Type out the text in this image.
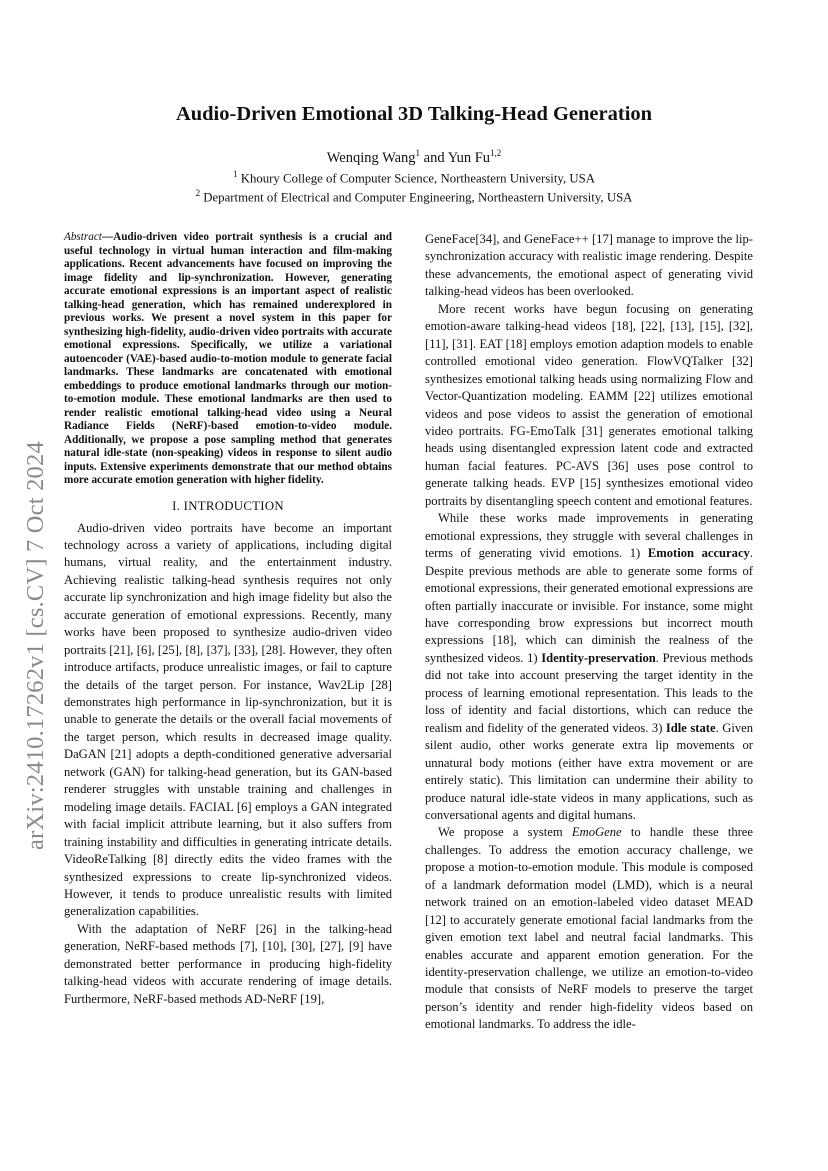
arXiv:2410.17262v1 [cs.CV] 7 Oct 2024
Audio-Driven Emotional 3D Talking-Head Generation
Wenqing Wang$^1$ and Yun Fu$^{1,2}$
$^1$ Khoury College of Computer Science, Northeastern University, USA
$^2$ Department of Electrical and Computer Engineering, Northeastern University, USA

Abstract—Audio-driven video portrait synthesis is a crucial and useful technology in virtual human interaction and film-making applications. Recent advancements have focused on improving the image fidelity and lip-synchronization. However, generating accurate emotional expressions is an important aspect of realistic talking-head generation, which has remained underexplored in previous works. We present a novel system in this paper for synthesizing high-fidelity, audio-driven video portraits with accurate emotional expressions. Specifically, we utilize a variational autoencoder (VAE)-based audio-to-motion module to generate facial landmarks. These landmarks are concatenated with emotional embeddings to produce emotional landmarks through our motion-to-emotion module. These emotional landmarks are then used to render realistic emotional talking-head video using a Neural Radiance Fields (NeRF)-based emotion-to-video module. Additionally, we propose a pose sampling method that generates natural idle-state (non-speaking) videos in response to silent audio inputs. Extensive experiments demonstrate that our method obtains more accurate emotion generation with higher fidelity.

I. INTRODUCTION

Audio-driven video portraits have become an important technology across a variety of applications, including digital humans, virtual reality, and the entertainment industry. Achieving realistic talking-head synthesis requires not only accurate lip synchronization and high image fidelity but also the accurate generation of emotional expressions. Recently, many works have been proposed to synthesize audio-driven video portraits [21], [6], [25], [8], [37], [33], [28]. However, they often introduce artifacts, produce unrealistic images, or fail to capture the details of the target person. For instance, Wav2Lip [28] demonstrates high performance in lip-synchronization, but it is unable to generate the details or the overall facial movements of the target person, which results in decreased image quality. DaGAN [21] adopts a depth-conditioned generative adversarial network (GAN) for talking-head generation, but its GAN-based renderer struggles with unstable training and challenges in modeling image details. FACIAL [6] employs a GAN integrated with facial implicit attribute learning, but it also suffers from training instability and difficulties in generating intricate details. VideoReTalking [8] directly edits the video frames with the synthesized expressions to create lip-synchronized videos. However, it tends to produce unrealistic results with limited generalization capabilities.

With the adaptation of NeRF [26] in the talking-head generation, NeRF-based methods [7], [10], [30], [27], [9] have demonstrated better performance in producing high-fidelity talking-head videos with accurate rendering of image details. Furthermore, NeRF-based methods AD-NeRF [19],

GeneFace[34], and GeneFace++ [17] manage to improve the lip-synchronization accuracy with realistic image rendering. Despite these advancements, the emotional aspect of generating vivid talking-head videos has been overlooked.

More recent works have begun focusing on generating emotion-aware talking-head videos [18], [22], [13], [15], [32], [11], [31]. EAT [18] employs emotion adaption models to enable controlled emotional video generation. FlowVQTalker [32] synthesizes emotional talking heads using normalizing Flow and Vector-Quantization modeling. EAMM [22] utilizes emotional videos and pose videos to assist the generation of emotional video portraits. FG-EmoTalk [31] generates emotional talking heads using disentangled expression latent code and extracted human facial features. PC-AVS [36] uses pose control to generate talking heads. EVP [15] synthesizes emotional video portraits by disentangling speech content and emotional features.

While these works made improvements in generating emotional expressions, they struggle with several challenges in terms of generating vivid emotions. 1) Emotion accuracy. Despite previous methods are able to generate some forms of emotional expressions, their generated emotional expressions are often partially inaccurate or invisible. For instance, some might have corresponding brow expressions but incorrect mouth expressions [18], which can diminish the realness of the synthesized videos. 1) Identity-preservation. Previous methods did not take into account preserving the target identity in the process of learning emotional representation. This leads to the loss of identity and facial distortions, which can reduce the realism and fidelity of the generated videos. 3) Idle state. Given silent audio, other works generate extra lip movements or unnatural body motions (either have extra movement or are entirely static). This limitation can undermine their ability to produce natural idle-state videos in many applications, such as conversational agents and digital humans.

We propose a system EmoGene to handle these three challenges. To address the emotion accuracy challenge, we propose a motion-to-emotion module. This module is composed of a landmark deformation model (LMD), which is a neural network trained on an emotion-labeled video dataset MEAD [12] to accurately generate emotional facial landmarks from the given emotion text label and neutral facial landmarks. This enables accurate and apparent emotion generation. For the identity-preservation challenge, we utilize an emotion-to-video module that consists of NeRF models to preserve the target person’s identity and render high-fidelity videos based on emotional landmarks. To address the idle-
